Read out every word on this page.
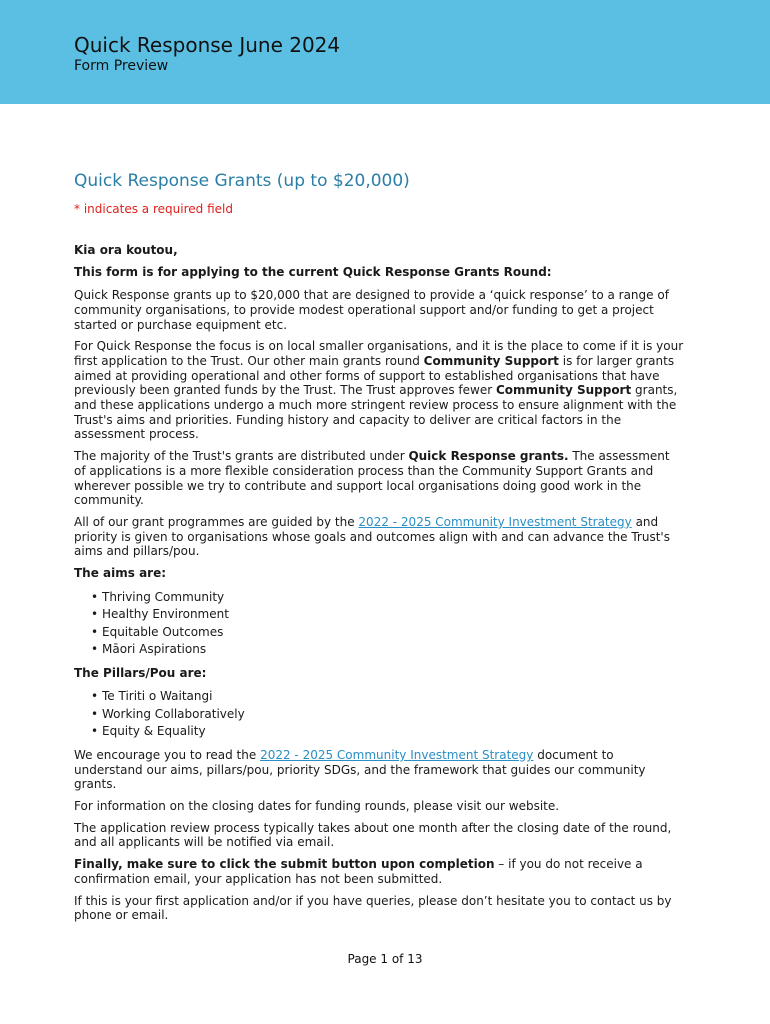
Quick Response June 2024
Form Preview
Quick Response Grants (up to $20,000)
* indicates a required field

Kia ora koutou,

This form is for applying to the current Quick Response Grants Round:

Quick Response grants up to $20,000 that are designed to provide a ‘quick response’ to a range of community organisations, to provide modest operational support and/or funding to get a project started or purchase equipment etc.

For Quick Response the focus is on local smaller organisations, and it is the place to come if it is your first application to the Trust. Our other main grants round Community Support is for larger grants aimed at providing operational and other forms of support to established organisations that have previously been granted funds by the Trust. The Trust approves fewer Community Support grants, and these applications undergo a much more stringent review process to ensure alignment with the Trust's aims and priorities. Funding history and capacity to deliver are critical factors in the assessment process.

The majority of the Trust's grants are distributed under Quick Response grants. The assessment of applications is a more flexible consideration process than the Community Support Grants and wherever possible we try to contribute and support local organisations doing good work in the community.

All of our grant programmes are guided by the 2022 - 2025 Community Investment Strategy and priority is given to organisations whose goals and outcomes align with and can advance the Trust's aims and pillars/pou.

The aims are:

• Thriving Community
• Healthy Environment
• Equitable Outcomes
• Māori Aspirations

The Pillars/Pou are:

• Te Tiriti o Waitangi
• Working Collaboratively
• Equity & Equality

We encourage you to read the 2022 - 2025 Community Investment Strategy document to understand our aims, pillars/pou, priority SDGs, and the framework that guides our community grants.

For information on the closing dates for funding rounds, please visit our website.

The application review process typically takes about one month after the closing date of the round, and all applicants will be notified via email.

Finally, make sure to click the submit button upon completion – if you do not receive a confirmation email, your application has not been submitted.

If this is your first application and/or if you have queries, please don’t hesitate you to contact us by phone or email.

Page 1 of 13
